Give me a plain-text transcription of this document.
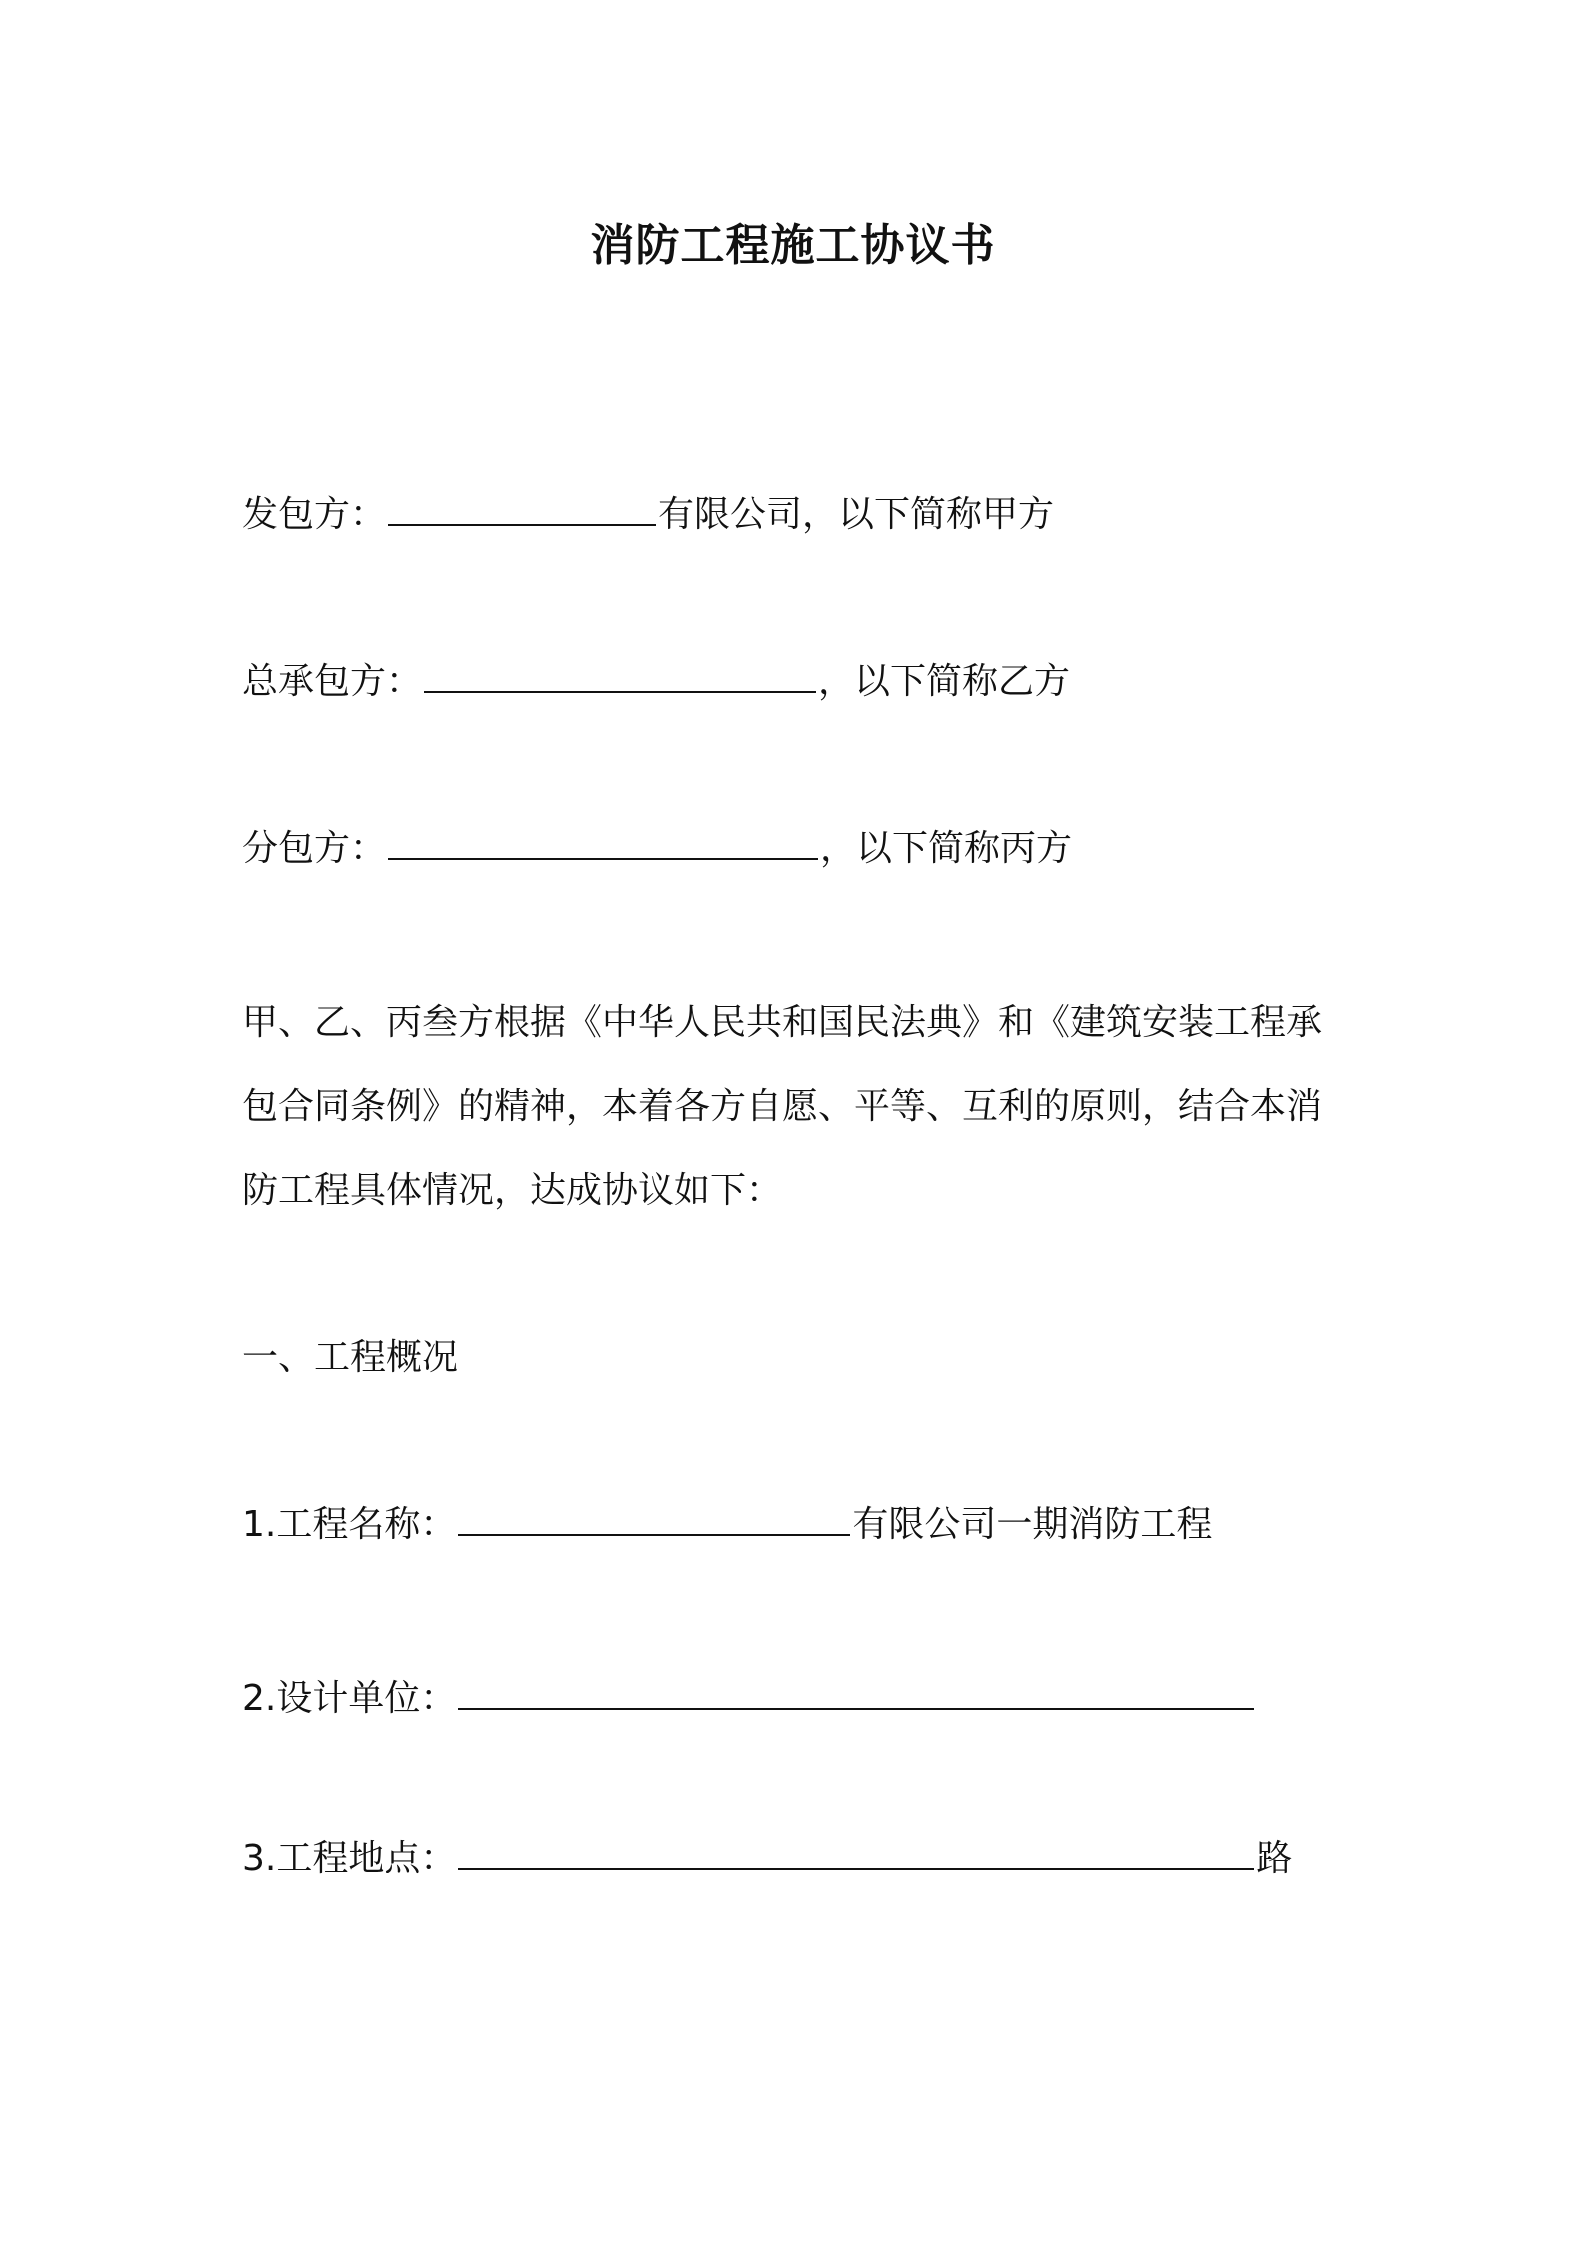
消防工程施工协议书
发包方：	有限公司，以下简称甲方
总承包方：	，以下简称乙方
分包方：	，以下简称丙方
甲、乙、丙叁方根据《中华人民共和国民法典》和《建筑安装工程承
包合同条例》的精神，本着各方自愿、平等、互利的原则，结合本消
防工程具体情况，达成协议如下：
一、工程概况
1.工程名称：	有限公司一期消防工程
2.设计单位：
3.工程地点：	路
